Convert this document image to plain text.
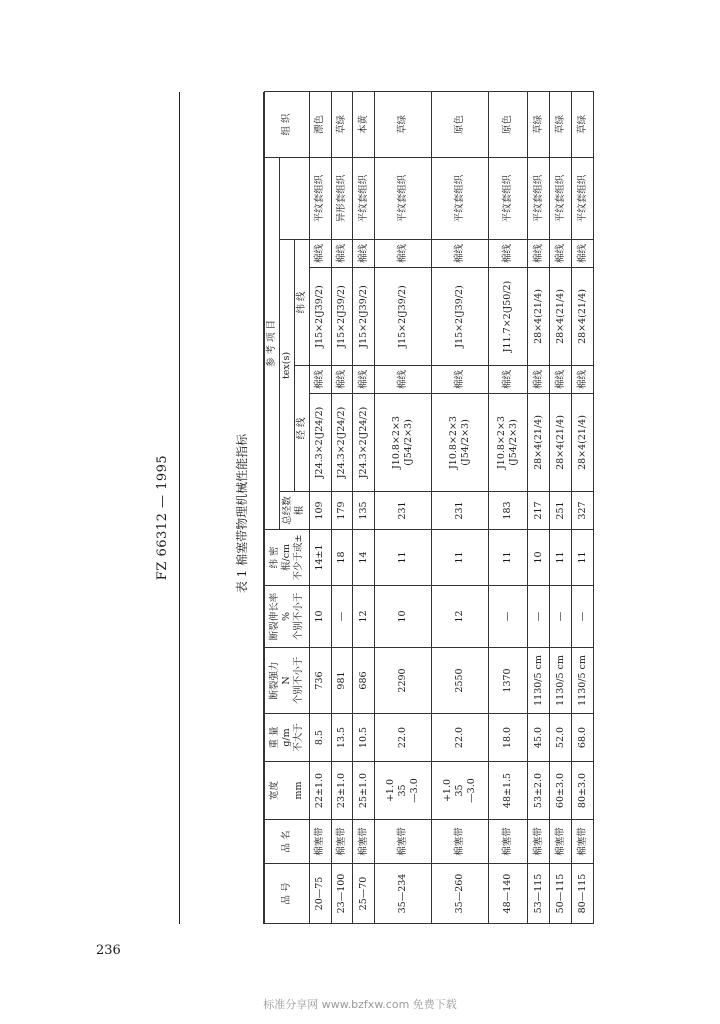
FZ 66312 — 1995	表 1 棉塞带物理机械性能指标
品 号	品 名	宽度
mm	重 量 g/m 不大于	断裂强力 N 个别不小于	断裂伸长率 % 个别不小于	纬 密 根/cm 不少于或±	参 考 项 目						组 织	

							总经数 根	tex(s)						
								经 线		纬 线				

20—75	棉塞带	22±1.0	8.5	736	10	14±1	109	J24.3×2(J24/2)	棉线	J15×2(J39/2)	棉线	平纹套组织	漂色	

23—100	棉塞带	23±1.0	13.5	981	—	18	179	J24.3×2(J24/2)	棉线	J15×2(J39/2)	棉线	异形套组织	草绿	

25—70	棉塞带	25±1.0	10.5	686	12	14	135	J24.3×2(J24/2)	棉线	J15×2(J39/2)	棉线	平纹套组织	本黄	

35—234	棉塞带	+1.0 35 —3.0	22.0	2290	10	11	231	J10.8×2×3 (J54/2×3)	棉线	J15×2(J39/2)	棉线	平纹套组织	草绿	

35—260	棉塞带	+1.0 35 —3.0	22.0	2550	12	11	231	J10.8×2×3 (J54/2×3)	棉线	J15×2(J39/2)	棉线	平纹套组织	原色	

48—140	棉塞带	48±1.5	18.0	1370	—	11	183	J10.8×2×3 (J54/2×3)	棉线	J11.7×2(J50/2)	棉线	平纹套组织	原色	

53—115	棉塞带	53±2.0	45.0	1130/5 cm	—	10	217	28×4(21/4)	棉线	28×4(21/4)	棉线	平纹套组织	草绿	

50—115	棉塞带	60±3.0	52.0	1130/5 cm	—	11	251	28×4(21/4)	棉线	28×4(21/4)	棉线	平纹套组织	草绿	

80—115	棉塞带	80±3.0	68.0	1130/5 cm	—	11	327	28×4(21/4)	棉线	28×4(21/4)	棉线	平纹套组织	草绿	
236
标准分享网 www.bzfxw.com 免费下载
